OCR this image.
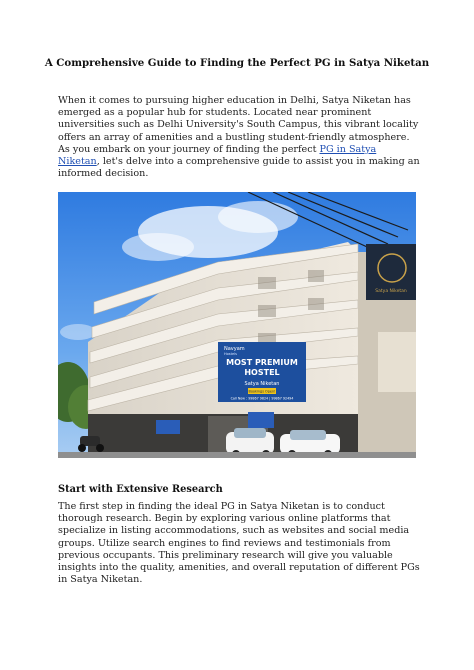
A Comprehensive Guide to Finding the Perfect PG in Satya Niketan
When it comes to pursuing higher education in Delhi, Satya Niketan has emerged as a popular hub for students. Located near prominent universities such as Delhi University's South Campus, this vibrant locality offers an array of amenities and a bustling student-friendly atmosphere. As you embark on your journey of finding the perfect PG in Satya Niketan, let's delve into a comprehensive guide to assist you in making an informed decision.
Navyam
Hostels
MOST PREMIUM
HOSTEL
Satya Niketan
Bookings Open!
Call Now : 99867 9824 | 99867 92494
Satya Niketan
Start with Extensive Research
The first step in finding the ideal PG in Satya Niketan is to conduct thorough research. Begin by exploring various online platforms that specialize in listing accommodations, such as websites and social media groups. Utilize search engines to find reviews and testimonials from previous occupants. This preliminary research will give you valuable insights into the quality, amenities, and overall reputation of different PGs in Satya Niketan.
